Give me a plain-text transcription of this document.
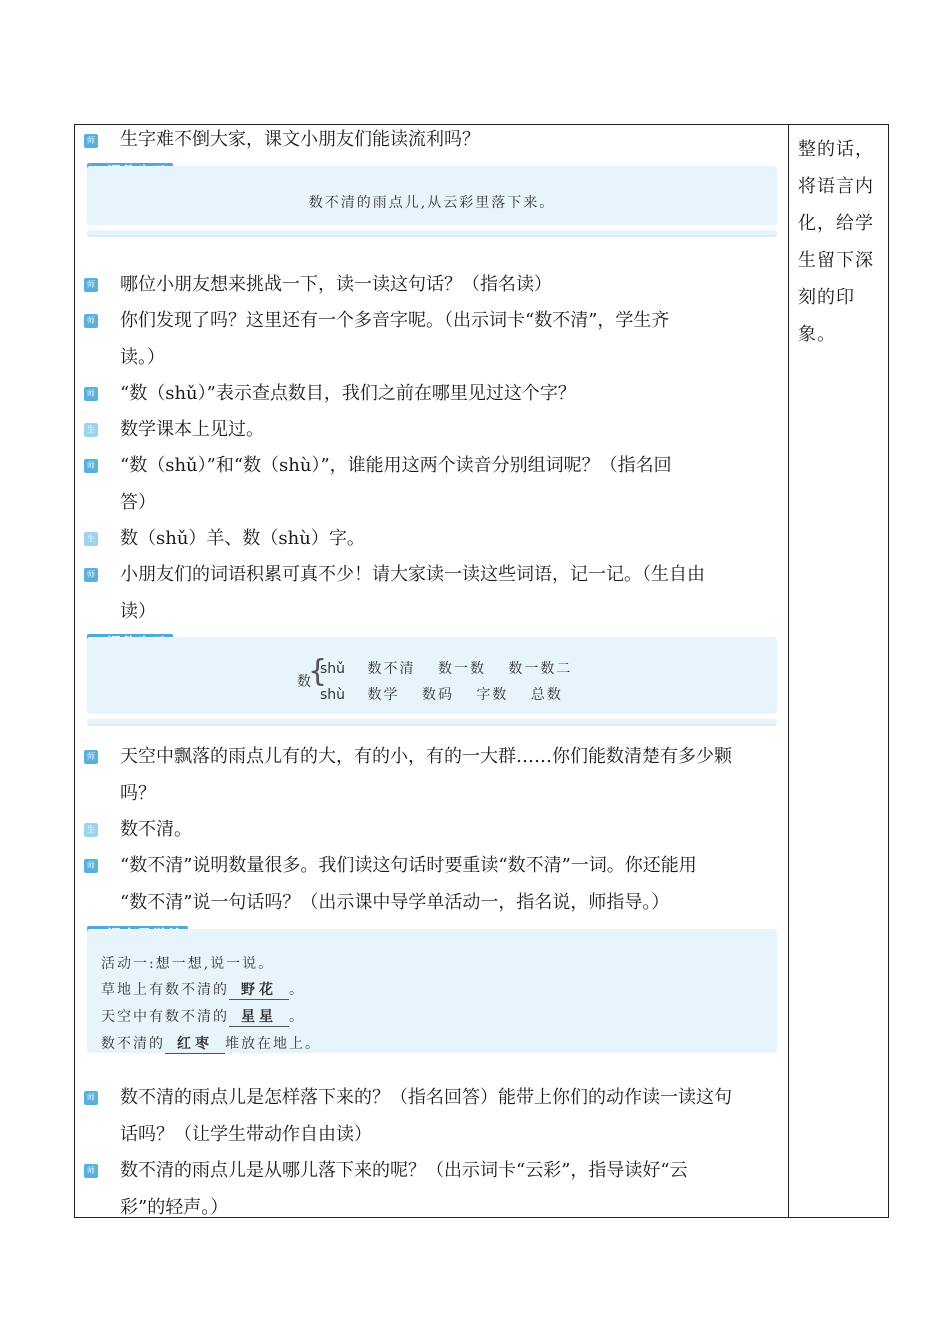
师 生字难不倒大家，课文小朋友们能读流利吗？
数不清的雨点儿,从云彩里落下来。
师 哪位小朋友想来挑战一下，读一读这句话？（指名读）
师 你们发现了吗？这里还有一个多音字呢。（出示词卡“数不清”，学生齐
读。）
师 “数（shǔ）”表示查点数目，我们之前在哪里见过这个字？
生 数学课本上见过。
师 “数（shǔ）”和“数（shù）”，谁能用这两个读音分别组词呢？（指名回
答）
生 数（shǔ）羊、数（shù）字。
师 小朋友们的词语积累可真不少！请大家读一读这些词语，记一记。（生自由
读）
数
{
shǔ 数不清 数一数 数一数二
shù 数学 数码 字数 总数
师 天空中飘落的雨点儿有的大，有的小，有的一大群……你们能数清楚有多少颗
吗？
生 数不清。
师 “数不清”说明数量很多。我们读这句话时要重读“数不清”一词。你还能用
“数不清”说一句话吗？（出示课中导学单活动一，指名说，师指导。）
活动一:想一想,说一说。
草地上有数不清的 野花 。
天空中有数不清的 星星 。
数不清的 红枣 堆放在地上。
师 数不清的雨点儿是怎样落下来的？（指名回答）能带上你们的动作读一读这句
话吗？（让学生带动作自由读）
师 数不清的雨点儿是从哪儿落下来的呢？（出示词卡“云彩”，指导读好“云
彩”的轻声。）
整的话，
将语言内
化，给学
生留下深
刻的印
象。
